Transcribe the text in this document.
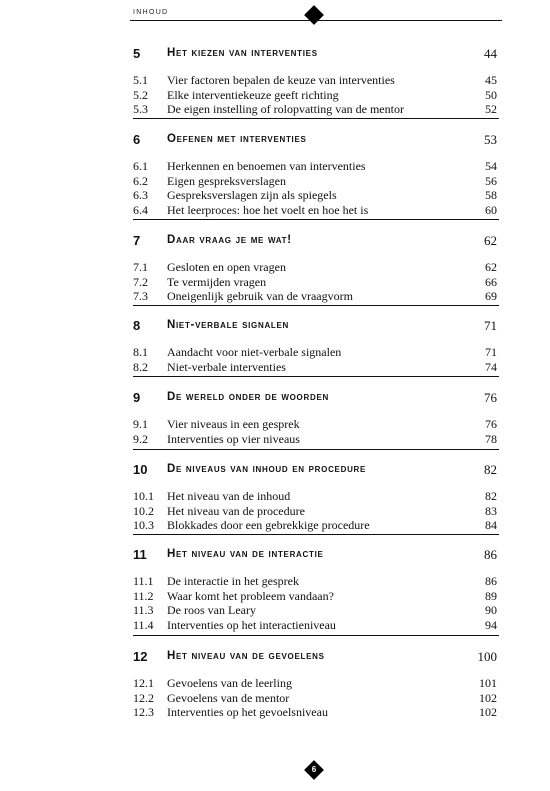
INHOUD
5 Het kiezen van interventies	44
5.1 Vier factoren bepalen de keuze van interventies	45
5.2 Elke interventiekeuze geeft richting	50
5.3 De eigen instelling of rolopvatting van de mentor	52
6 Oefenen met interventies	53
6.1 Herkennen en benoemen van interventies	54
6.2 Eigen gespreksverslagen	56
6.3 Gespreksverslagen zijn als spiegels	58
6.4 Het leerproces: hoe het voelt en hoe het is	60
7 Daar vraag je me wat!	62
7.1 Gesloten en open vragen	62
7.2 Te vermijden vragen	66
7.3 Oneigenlijk gebruik van de vraagvorm	69
8 Niet-verbale signalen	71
8.1 Aandacht voor niet-verbale signalen	71
8.2 Niet-verbale interventies	74
9 De wereld onder de woorden	76
9.1 Vier niveaus in een gesprek	76
9.2 Interventies op vier niveaus	78
10 De niveaus van inhoud en procedure	82
10.1 Het niveau van de inhoud	82
10.2 Het niveau van de procedure	83
10.3 Blokkades door een gebrekkige procedure	84
11 Het niveau van de interactie	86
11.1 De interactie in het gesprek	86
11.2 Waar komt het probleem vandaan?	89
11.3 De roos van Leary	90
11.4 Interventies op het interactieniveau	94
12 Het niveau van de gevoelens	100
12.1 Gevoelens van de leerling	101
12.2 Gevoelens van de mentor	102
12.3 Interventies op het gevoelsniveau	102
6
